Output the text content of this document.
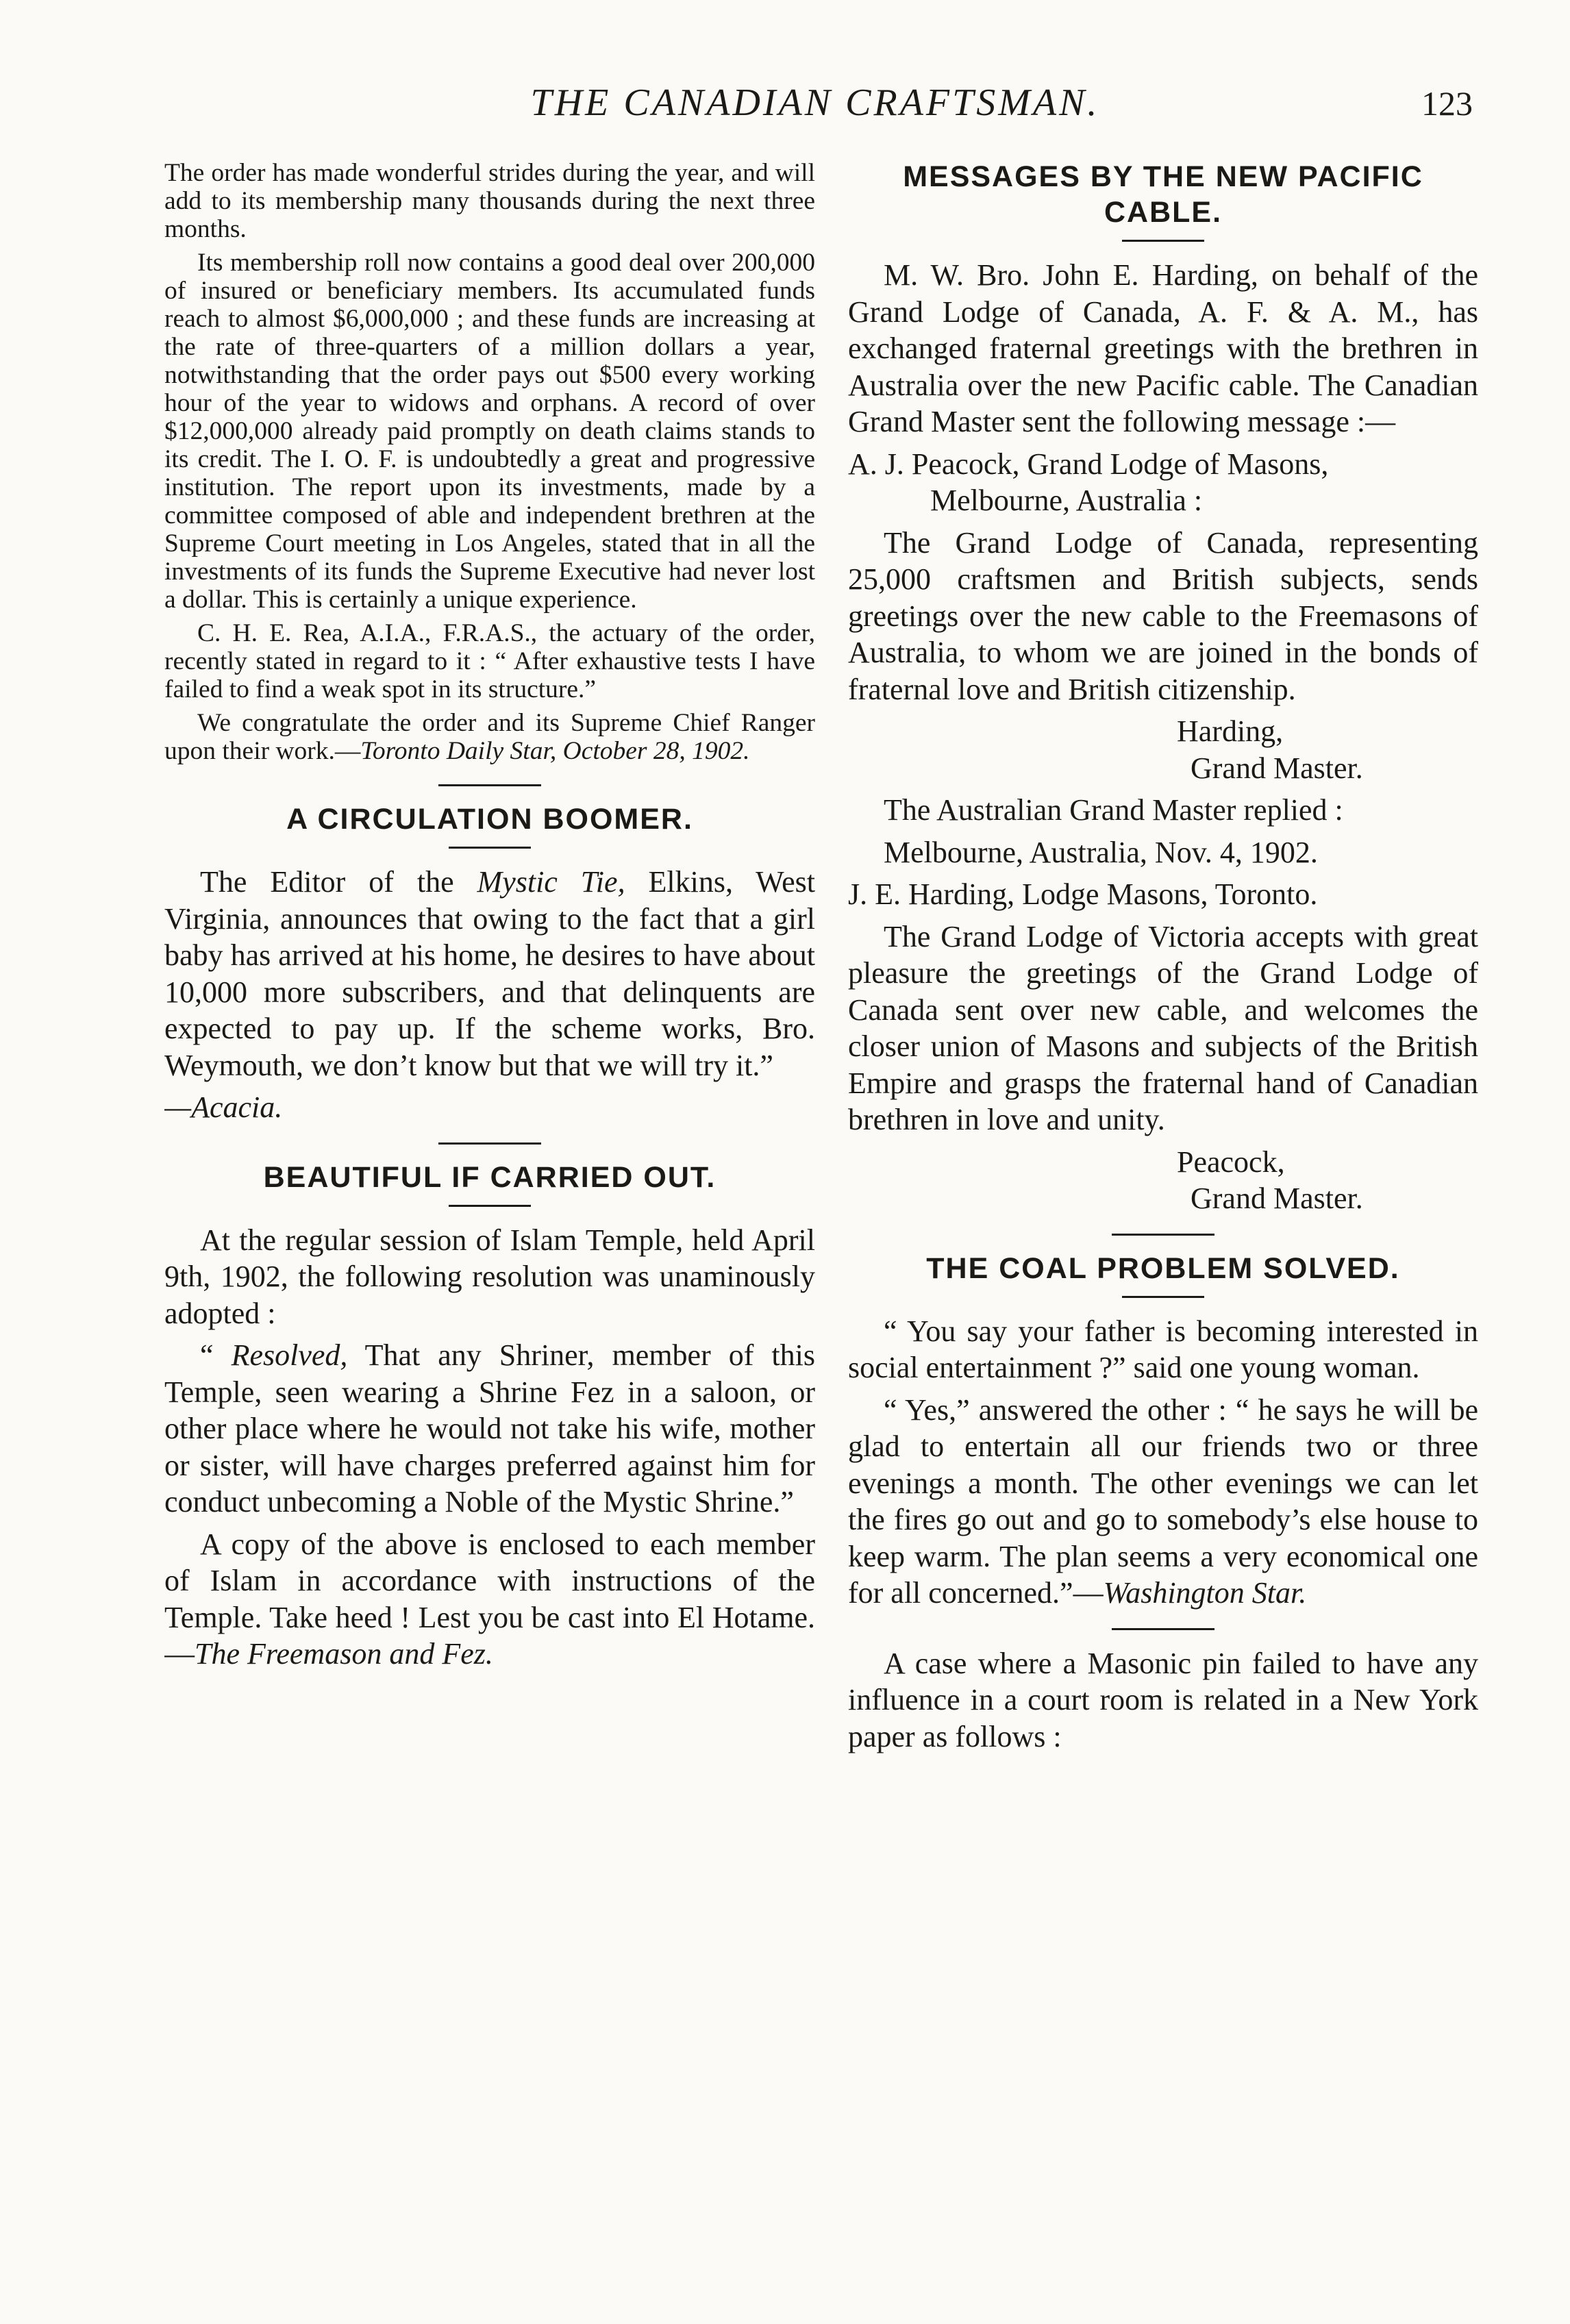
THE CANADIAN CRAFTSMAN.	123

The order has made wonderful strides during the year, and will add to its membership many thousands during the next three months.

Its membership roll now contains a good deal over 200,000 of insured or beneficiary members. Its accumulated funds reach to almost $6,000,000 ; and these funds are increasing at the rate of three-quarters of a million dollars a year, notwithstanding that the order pays out $500 every working hour of the year to widows and orphans. A record of over $12,000,000 already paid promptly on death claims stands to its credit. The I. O. F. is undoubtedly a great and progressive institution. The report upon its investments, made by a committee composed of able and independent brethren at the Supreme Court meeting in Los Angeles, stated that in all the investments of its funds the Supreme Executive had never lost a dollar. This is certainly a unique experience.

C. H. E. Rea, A.I.A., F.R.A.S., the actuary of the order, recently stated in regard to it : “ After exhaustive tests I have failed to find a weak spot in its structure.”

We congratulate the order and its Supreme Chief Ranger upon their work.—Toronto Daily Star, October 28, 1902.

A CIRCULATION BOOMER.

The Editor of the Mystic Tie, Elkins, West Virginia, announces that owing to the fact that a girl baby has arrived at his home, he desires to have about 10,000 more subscribers, and that delinquents are expected to pay up. If the scheme works, Bro. Weymouth, we don’t know but that we will try it.”

—Acacia.

BEAUTIFUL IF CARRIED OUT.

At the regular session of Islam Temple, held April 9th, 1902, the following resolution was unaminously adopted :

“ Resolved, That any Shriner, member of this Temple, seen wearing a Shrine Fez in a saloon, or other place where he would not take his wife, mother or sister, will have charges preferred against him for conduct unbecoming a Noble of the Mystic Shrine.”

A copy of the above is enclosed to each member of Islam in accordance with instructions of the Temple. Take heed ! Lest you be cast into El Hotame.—The Freemason and Fez.

MESSAGES BY THE NEW PACIFIC CABLE.

M. W. Bro. John E. Harding, on behalf of the Grand Lodge of Canada, A. F. & A. M., has exchanged fraternal greetings with the brethren in Australia over the new Pacific cable. The Canadian Grand Master sent the following message :—

A. J. Peacock, Grand Lodge of Masons,

Melbourne, Australia :

The Grand Lodge of Canada, representing 25,000 craftsmen and British subjects, sends greetings over the new cable to the Freemasons of Australia, to whom we are joined in the bonds of fraternal love and British citizenship.

Harding,
Grand Master.

The Australian Grand Master replied :

Melbourne, Australia, Nov. 4, 1902.

J. E. Harding, Lodge Masons, Toronto.

The Grand Lodge of Victoria accepts with great pleasure the greetings of the Grand Lodge of Canada sent over new cable, and welcomes the closer union of Masons and subjects of the British Empire and grasps the fraternal hand of Canadian brethren in love and unity.

Peacock,
Grand Master.
THE COAL PROBLEM SOLVED.

“ You say your father is becoming interested in social entertainment ?” said one young woman.

“ Yes,” answered the other : “ he says he will be glad to entertain all our friends two or three evenings a month. The other evenings we can let the fires go out and go to somebody’s else house to keep warm. The plan seems a very economical one for all concerned.”—Washington Star.

A case where a Masonic pin failed to have any influence in a court room is related in a New York paper as follows :
